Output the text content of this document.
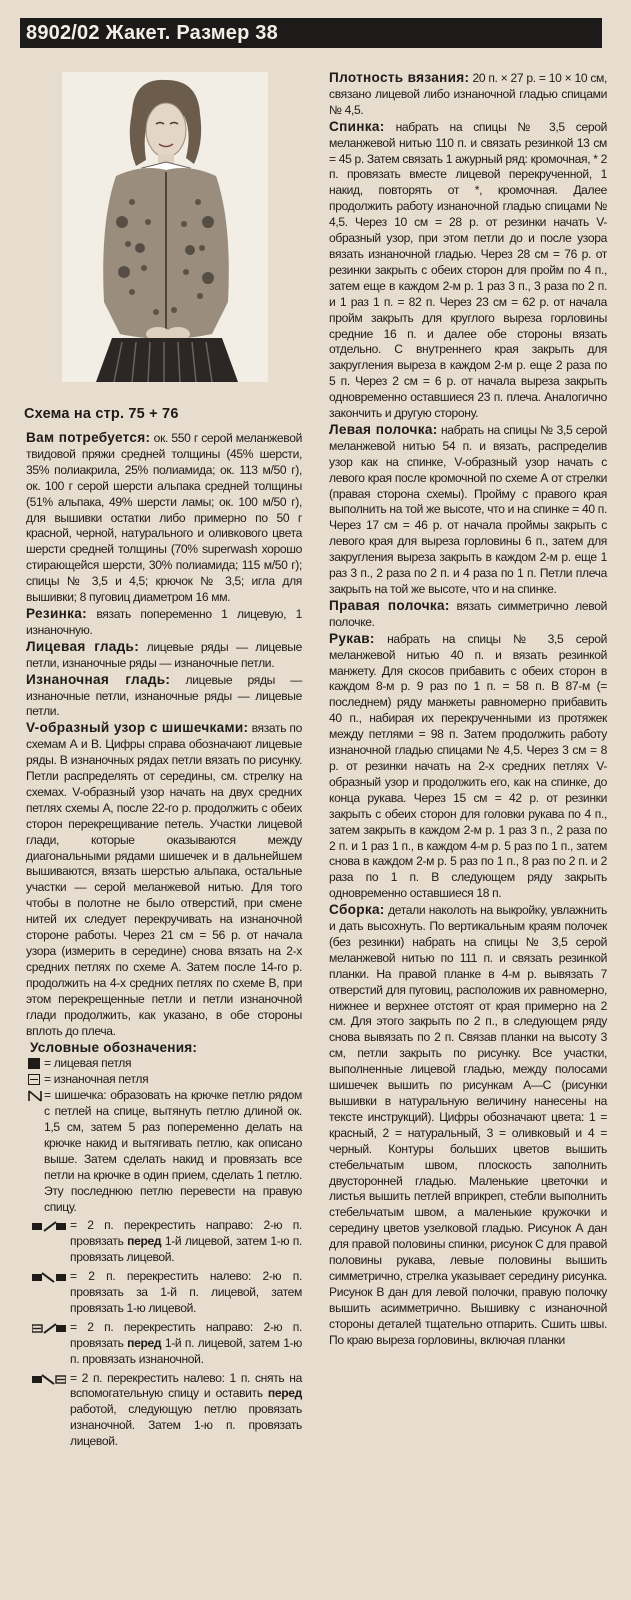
8902/02 Жакет. Размер 38
Схема на стр. 75 + 76

Вам потребуется: ок. 550 г серой меланжевой твидовой пряжи средней толщины (45% шерсти, 35% полиакрила, 25% полиамида; ок. 113 м/50 г), ок. 100 г серой шерсти альпака средней толщины (51% альпака, 49% шерсти ламы; ок. 100 м/50 г), для вышивки остатки либо примерно по 50 г красной, черной, натурального и оливкового цвета шерсти средней толщины (70% superwash хорошо стирающейся шерсти, 30% полиамида; 115 м/50 г); спицы № 3,5 и 4,5; крючок № 3,5; игла для вышивки; 8 пуговиц диаметром 16 мм.

Резинка: вязать попеременно 1 лицевую, 1 изнаночную.

Лицевая гладь: лицевые ряды — лицевые петли, изнаночные ряды — изнаночные петли.

Изнаночная гладь: лицевые ряды — изнаночные петли, изнаночные ряды — лицевые петли.

V-образный узор с шишечками: вязать по схемам А и В. Цифры справа обозначают лицевые ряды. В изнаночных рядах петли вязать по рисунку. Петли распределять от середины, см. стрелку на схемах. V-образный узор начать на двух средних петлях схемы А, после 22-го р. продолжить с обеих сторон перекрещивание петель. Участки лицевой глади, которые оказываются между диагональными рядами шишечек и в дальнейшем вышиваются, вязать шерстью альпака, остальные участки — серой меланжевой нитью. Для того чтобы в полотне не было отверстий, при смене нитей их следует перекручивать на изнаночной стороне работы. Через 21 см = 56 р. от начала узора (измерить в середине) снова вязать на 2-х средних петлях по схеме А. Затем после 14-го р. продолжить на 4-х средних петлях по схеме В, при этом перекрещенные петли и петли изнаночной глади продолжить, как указано, в обе стороны вплоть до плеча.

Условные обозначения:
= лицевая петля
= изнаночная петля
= шишечка: образовать на крючке петлю рядом с петлей на спице, вытянуть петлю длиной ок. 1,5 см, затем 5 раз попеременно делать на крючке накид и вытягивать петлю, как описано выше. Затем сделать накид и провязать все петли на крючке в один прием, сделать 1 петлю. Эту последнюю петлю перевести на правую спицу.
= 2 п. перекрестить направо: 2-ю п. провязать перед 1-й лицевой, затем 1-ю п. провязать лицевой.
= 2 п. перекрестить налево: 2-ю п. провязать за 1-й п. лицевой, затем провязать 1-ю лицевой.
= 2 п. перекрестить направо: 2-ю п. провязать перед 1-й п. лицевой, затем 1-ю п. провязать изнаночной.
= 2 п. перекрестить налево: 1 п. снять на вспомогательную спицу и оставить перед работой, следующую петлю провязать изнаночной. Затем 1-ю п. провязать лицевой.

Плотность вязания: 20 п. × 27 р. = 10 × 10 см, связано лицевой либо изнаночной гладью спицами № 4,5.

Спинка: набрать на спицы № 3,5 серой меланжевой нитью 110 п. и связать резинкой 13 см = 45 р. Затем связать 1 ажурный ряд: кромочная, * 2 п. провязать вместе лицевой перекрученной, 1 накид, повторять от *, кромочная. Далее продолжить работу изнаночной гладью спицами № 4,5. Через 10 см = 28 р. от резинки начать V-образный узор, при этом петли до и после узора вязать изнаночной гладью. Через 28 см = 76 р. от резинки закрыть с обеих сторон для пройм по 4 п., затем еще в каждом 2-м р. 1 раз 3 п., 3 раза по 2 п. и 1 раз 1 п. = 82 п. Через 23 см = 62 р. от начала пройм закрыть для круглого выреза горловины средние 16 п. и далее обе стороны вязать отдельно. С внутреннего края закрыть для закругления выреза в каждом 2-м р. еще 2 раза по 5 п. Через 2 см = 6 р. от начала выреза закрыть одновременно оставшиеся 23 п. плеча. Аналогично закончить и другую сторону.

Левая полочка: набрать на спицы № 3,5 серой меланжевой нитью 54 п. и вязать, распределив узор как на спинке, V-образный узор начать с левого края после кромочной по схеме А от стрелки (правая сторона схемы). Пройму с правого края выполнить на той же высоте, что и на спинке = 40 п. Через 17 см = 46 р. от начала проймы закрыть с левого края для выреза горловины 6 п., затем для закругления выреза закрыть в каждом 2-м р. еще 1 раз 3 п., 2 раза по 2 п. и 4 раза по 1 п. Петли плеча закрыть на той же высоте, что и на спинке.

Правая полочка: вязать симметрично левой полочке.

Рукав: набрать на спицы № 3,5 серой меланжевой нитью 40 п. и вязать резинкой манжету. Для скосов прибавить с обеих сторон в каждом 8-м р. 9 раз по 1 п. = 58 п. В 87-м (= последнем) ряду манжеты равномерно прибавить 40 п., набирая их перекрученными из протяжек между петлями = 98 п. Затем продолжить работу изнаночной гладью спицами № 4,5. Через 3 см = 8 р. от резинки начать на 2-х средних петлях V-образный узор и продолжить его, как на спинке, до конца рукава. Через 15 см = 42 р. от резинки закрыть с обеих сторон для головки рукава по 4 п., затем закрыть в каждом 2-м р. 1 раз 3 п., 2 раза по 2 п. и 1 раз 1 п., в каждом 4-м р. 5 раз по 1 п., затем снова в каждом 2-м р. 5 раз по 1 п., 8 раз по 2 п. и 2 раза по 1 п. В следующем ряду закрыть одновременно оставшиеся 18 п.

Сборка: детали наколоть на выкройку, увлажнить и дать высохнуть. По вертикальным краям полочек (без резинки) набрать на спицы № 3,5 серой меланжевой нитью по 111 п. и связать резинкой планки. На правой планке в 4-м р. вывязать 7 отверстий для пуговиц, расположив их равномерно, нижнее и верхнее отстоят от края примерно на 2 см. Для этого закрыть по 2 п., в следующем ряду снова вывязать по 2 п. Связав планки на высоту 3 см, петли закрыть по рисунку. Все участки, выполненные лицевой гладью, между полосами шишечек вышить по рисункам А—С (рисунки вышивки в натуральную величину нанесены на тексте инструкций). Цифры обозначают цвета: 1 = красный, 2 = натуральный, 3 = оливковый и 4 = черный. Контуры больших цветов вышить стебельчатым швом, плоскость заполнить двусторонней гладью. Маленькие цветочки и листья вышить петлей вприкреп, стебли выполнить стебельчатым швом, а маленькие кружочки и середину цветов узелковой гладью. Рисунок А дан для правой половины спинки, рисунок С для правой половины рукава, левые половины вышить симметрично, стрелка указывает середину рисунка. Рисунок В дан для левой полочки, правую полочку вышить асимметрично. Вышивку с изнаночной стороны деталей тщательно отпарить. Сшить швы. По краю выреза горловины, включая планки
